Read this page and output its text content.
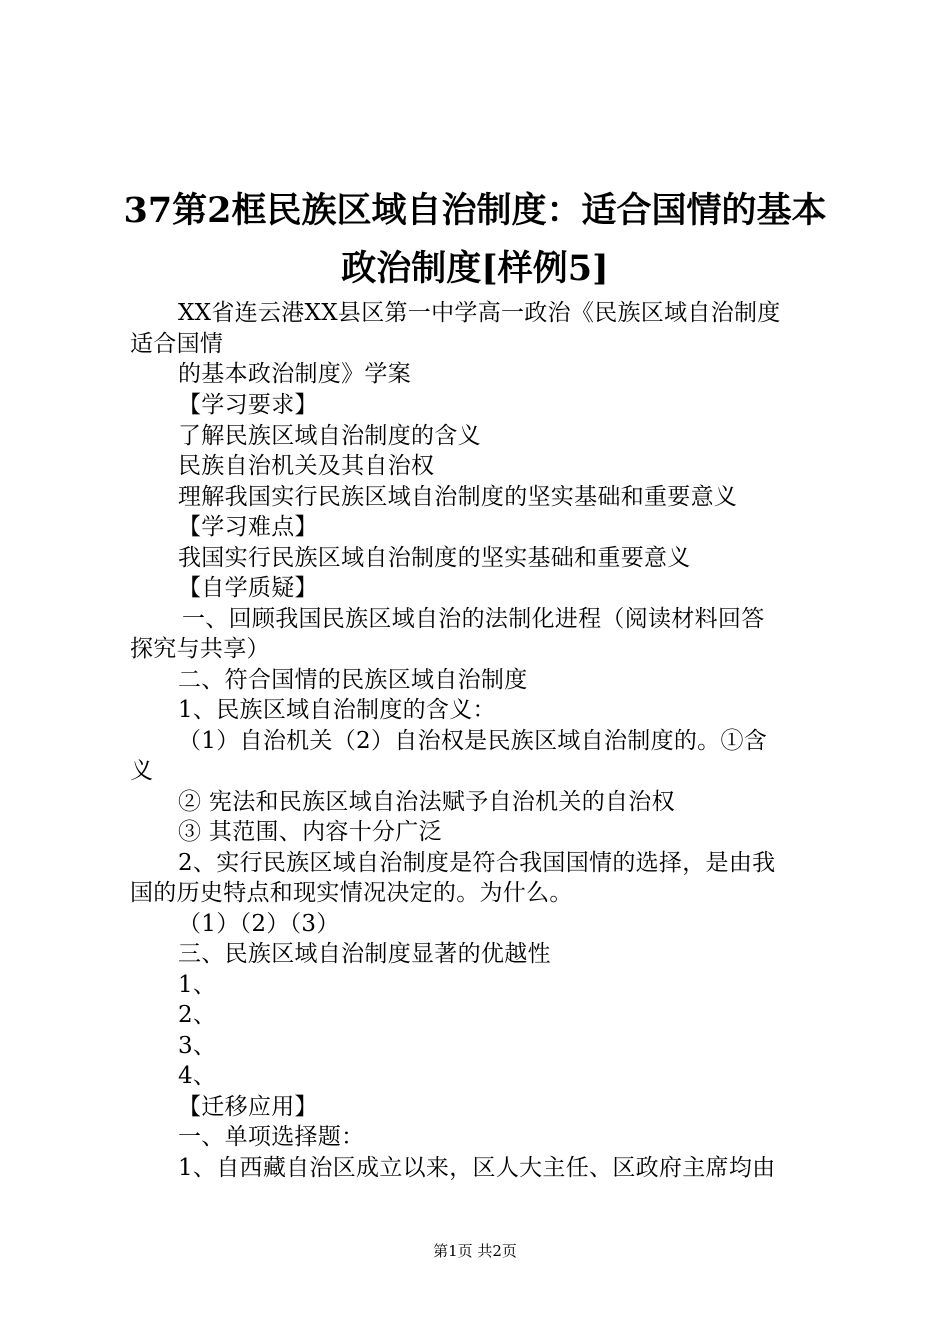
37第2框民族区域自治制度：适合国情的基本
政治制度[样例5]
XX省连云港XX县区第一中学高一政治《民族区域自治制度
适合国情
的基本政治制度》学案
【学习要求】
了解民族区域自治制度的含义
民族自治机关及其自治权
理解我国实行民族区域自治制度的坚实基础和重要意义
【学习难点】
我国实行民族区域自治制度的坚实基础和重要意义
【自学质疑】
一、回顾我国民族区域自治的法制化进程（阅读材料回答
探究与共享）
二、符合国情的民族区域自治制度
1、民族区域自治制度的含义：
（1）自治机关（2）自治权是民族区域自治制度的。①含
义
② 宪法和民族区域自治法赋予自治机关的自治权
③ 其范围、内容十分广泛
2、实行民族区域自治制度是符合我国国情的选择，是由我
国的历史特点和现实情况决定的。为什么。
（1）（2）（3）
三、民族区域自治制度显著的优越性
1、
2、
3、
4、
【迁移应用】
一、单项选择题：
1、自西藏自治区成立以来，区人大主任、区政府主席均由
第1页 共2页
